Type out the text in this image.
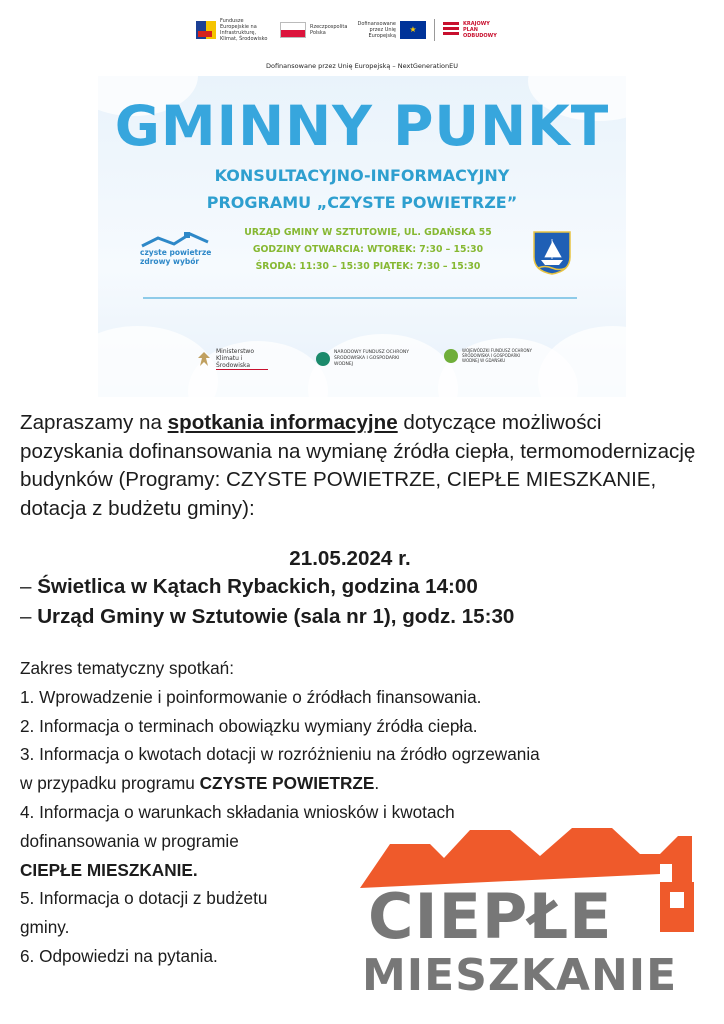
Fundusze Europejskie na Infrastrukturę, Klimat, Środowisko
Rzeczpospolita Polska
Dofinansowane przez Unię Europejską
★
KRAJOWY PLAN ODBUDOWY
Dofinansowane przez Unię Europejską – NextGenerationEU
GMINNY PUNKT
KONSULTACYJNO-INFORMACYJNY
PROGRAMU „CZYSTE POWIETRZE”
czyste powietrze
zdrowy wybór
URZĄD GMINY W SZTUTOWIE, UL. GDAŃSKA 55
GODZINY OTWARCIA: WTOREK: 7:30 – 15:30
ŚRODA: 11:30 – 15:30 PIĄTEK: 7:30 – 15:30
Ministerstwo Klimatu i Środowiska
NARODOWY FUNDUSZ OCHRONY ŚRODOWISKA I GOSPODARKI WODNEJ
WOJEWÓDZKI FUNDUSZ OCHRONY ŚRODOWISKA I GOSPODARKI WODNEJ W GDAŃSKU

Zapraszamy na spotkania informacyjne dotyczące możliwości pozyskania dofinansowania na wymianę źródła ciepła, termomodernizację budynków (Programy: CZYSTE POWIETRZE, CIEPŁE MIESZKANIE, dotacja z budżetu gminy):

21.05.2024 r.
– Świetlica w Kątach Rybackich, godzina 14:00
– Urząd Gminy w Sztutowie (sala nr 1), godz. 15:30
Zakres tematyczny spotkań:
1. Wprowadzenie i poinformowanie o źródłach finansowania.
2. Informacja o terminach obowiązku wymiany źródła ciepła.
3. Informacja o kwotach dotacji w rozróżnieniu na źródło ogrzewania
w przypadku programu CZYSTE POWIETRZE.
4. Informacja o warunkach składania wniosków i kwotach
dofinansowania w programie
CIEPŁE MIESZKANIE.
5. Informacja o dotacji z budżetu
gminy.
6. Odpowiedzi na pytania.
CIEPŁE
MIESZKANIE
